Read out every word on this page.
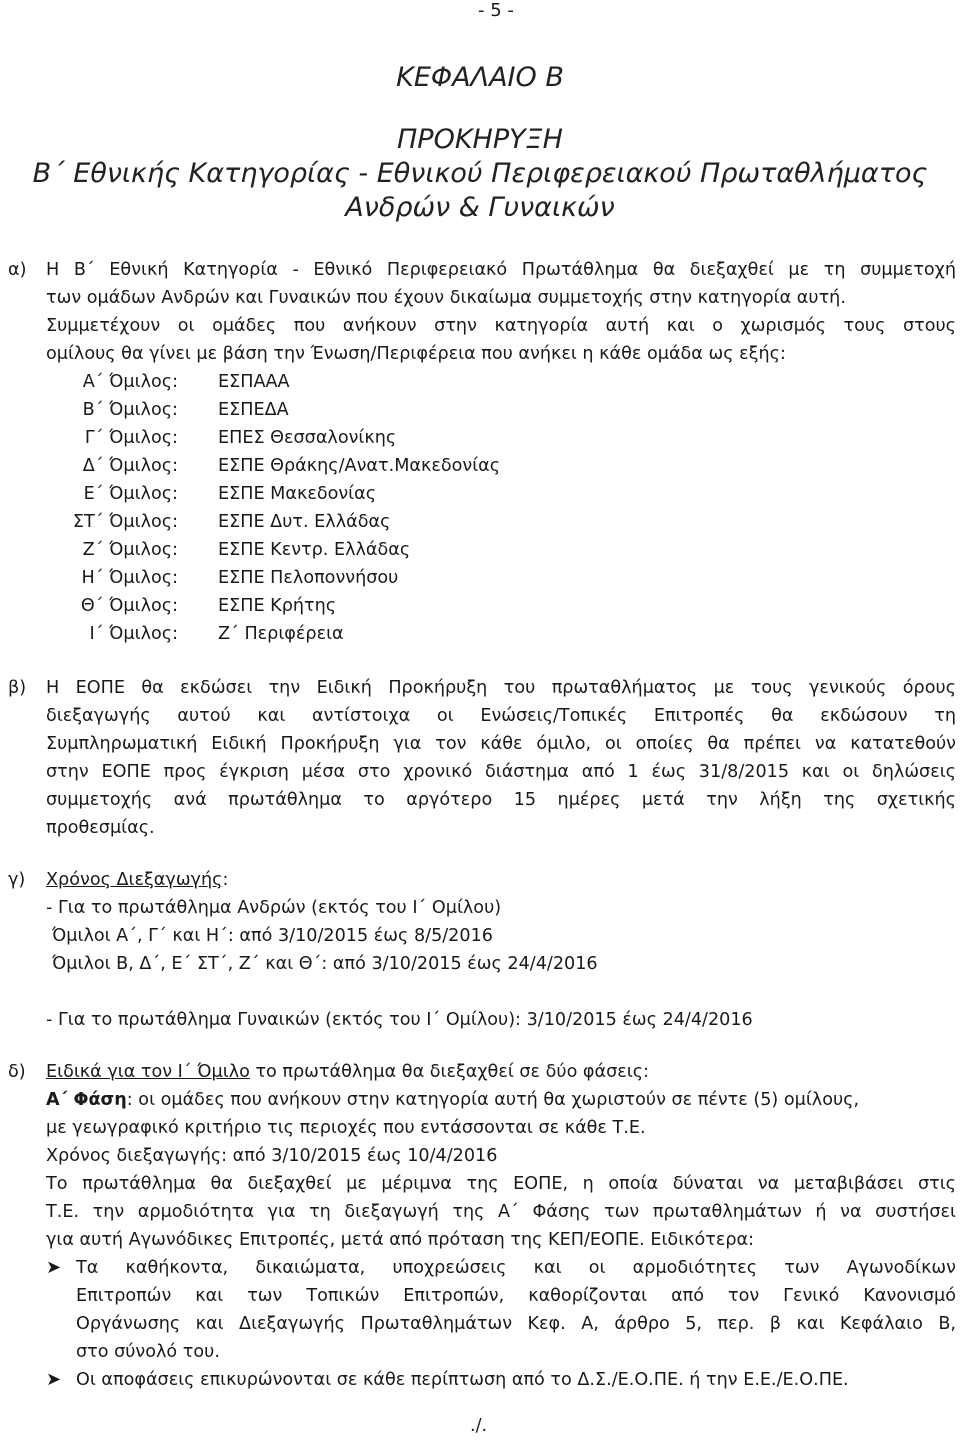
- 5 -
ΚΕΦΑΛΑΙΟ Β
ΠΡΟΚΗΡΥΞΗ
Β΄ Εθνικής Κατηγορίας - Εθνικού Περιφερειακού Πρωταθλήματος
Ανδρών & Γυναικών
α) Η Β΄ Εθνική Κατηγορία - Εθνικό Περιφερειακό Πρωτάθλημα θα διεξαχθεί με τη συμμετοχή
των ομάδων Ανδρών και Γυναικών που έχουν δικαίωμα συμμετοχής στην κατηγορία αυτή.
Συμμετέχουν οι ομάδες που ανήκουν στην κατηγορία αυτή και ο χωρισμός τους στους
ομίλους θα γίνει με βάση την Ένωση/Περιφέρεια που ανήκει η κάθε ομάδα ως εξής:
Α΄ Όμιλος: ΕΣΠΑΑΑ
Β΄ Όμιλος: ΕΣΠΕΔΑ
Γ΄ Όμιλος: ΕΠΕΣ Θεσσαλονίκης
Δ΄ Όμιλος: ΕΣΠΕ Θράκης/Ανατ.Μακεδονίας
Ε΄ Όμιλος: ΕΣΠΕ Μακεδονίας
ΣΤ΄ Όμιλος: ΕΣΠΕ Δυτ. Ελλάδας
Ζ΄ Όμιλος: ΕΣΠΕ Κεντρ. Ελλάδας
Η΄ Όμιλος: ΕΣΠΕ Πελοποννήσου
Θ΄ Όμιλος: ΕΣΠΕ Κρήτης
Ι΄ Όμιλος: Ζ΄ Περιφέρεια
β) Η ΕΟΠΕ θα εκδώσει την Ειδική Προκήρυξη του πρωταθλήματος με τους γενικούς όρους
διεξαγωγής αυτού και αντίστοιχα οι Ενώσεις/Τοπικές Επιτροπές θα εκδώσουν τη
Συμπληρωματική Ειδική Προκήρυξη για τον κάθε όμιλο, οι οποίες θα πρέπει να κατατεθούν
στην ΕΟΠΕ προς έγκριση μέσα στο χρονικό διάστημα από 1 έως 31/8/2015 και οι δηλώσεις
συμμετοχής ανά πρωτάθλημα το αργότερο 15 ημέρες μετά την λήξη της σχετικής
προθεσμίας.
γ) Χρόνος Διεξαγωγής:
- Για το πρωτάθλημα Ανδρών (εκτός του Ι΄ Ομίλου)
Όμιλοι Α΄, Γ΄ και Η΄: από 3/10/2015 έως 8/5/2016
Όμιλοι Β, Δ΄, Ε΄ ΣΤ΄, Ζ΄ και Θ΄: από 3/10/2015 έως 24/4/2016
- Για το πρωτάθλημα Γυναικών (εκτός του Ι΄ Ομίλου): 3/10/2015 έως 24/4/2016
δ) Ειδικά για τον Ι΄ Όμιλο το πρωτάθλημα θα διεξαχθεί σε δύο φάσεις:
Α΄ Φάση: οι ομάδες που ανήκουν στην κατηγορία αυτή θα χωριστούν σε πέντε (5) ομίλους,
με γεωγραφικό κριτήριο τις περιοχές που εντάσσονται σε κάθε Τ.Ε.
Χρόνος διεξαγωγής: από 3/10/2015 έως 10/4/2016
Το πρωτάθλημα θα διεξαχθεί με μέριμνα της ΕΟΠΕ, η οποία δύναται να μεταβιβάσει στις
Τ.Ε. την αρμοδιότητα για τη διεξαγωγή της Α΄ Φάσης των πρωταθλημάτων ή να συστήσει
για αυτή Αγωνόδικες Επιτροπές, μετά από πρόταση της ΚΕΠ/ΕΟΠΕ. Ειδικότερα:
➤ Τα καθήκοντα, δικαιώματα, υποχρεώσεις και οι αρμοδιότητες των Αγωνοδίκων
Επιτροπών και των Τοπικών Επιτροπών, καθορίζονται από τον Γενικό Κανονισμό
Οργάνωσης και Διεξαγωγής Πρωταθλημάτων Κεφ. Α, άρθρο 5, περ. β και Κεφάλαιο Β,
στο σύνολό του.
➤ Οι αποφάσεις επικυρώνονται σε κάθε περίπτωση από το Δ.Σ./Ε.Ο.ΠΕ. ή την Ε.Ε./Ε.Ο.ΠΕ.
./.
